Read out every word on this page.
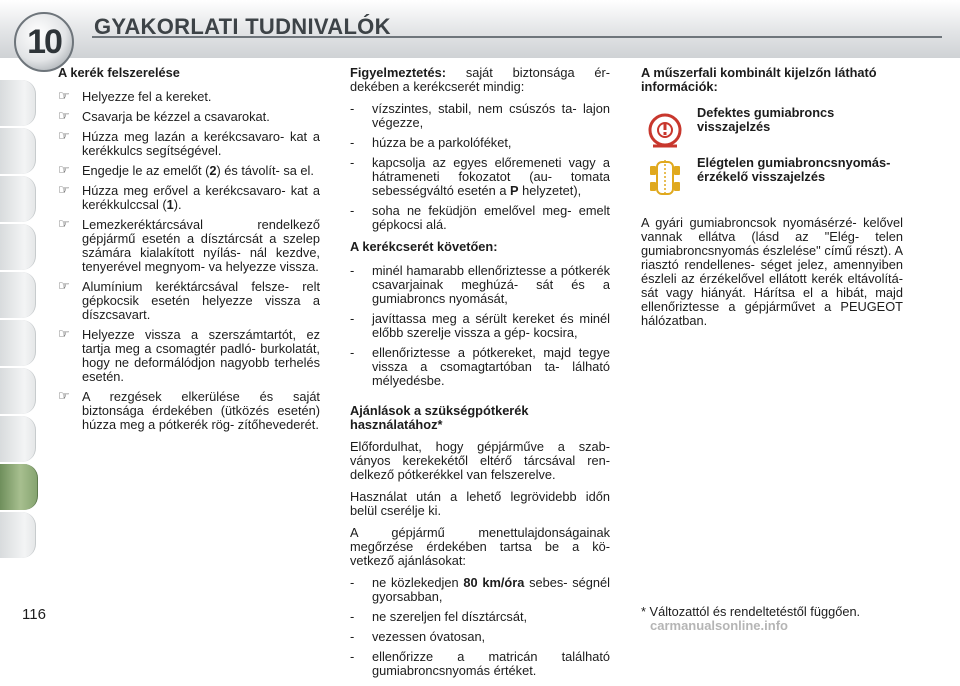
10	GYAKORLATI TUDNIVALÓK
116
A kerék felszerelése
☞ Helyezze fel a kereket.
☞ Csavarja be kézzel a csavarokat.
☞ Húzza meg lazán a kerékcsavaro- kat a kerékkulcs segítségével.
☞ Engedje le az emelőt (2) és távolít- sa el.
☞ Húzza meg erővel a kerékcsavaro- kat a kerékkulccsal (1).
☞ Lemezkeréktárcsával rendelkező gépjármű esetén a dísztárcsát a szelep számára kialakított nyílás- nál kezdve, tenyerével megnyom- va helyezze vissza.
☞ Alumínium keréktárcsával felsze- relt gépkocsik esetén helyezze vissza a díszcsavart.
☞ Helyezze vissza a szerszámtartót, ez tartja meg a csomagtér padló- burkolatát, hogy ne deformálódjon nagyobb terhelés esetén.
☞ A rezgések elkerülése és saját biztonsága érdekében (ütközés esetén) húzza meg a pótkerék rög- zítőhevederét.
Figyelmeztetés: saját biztonsága ér- dekében a kerékcserét mindig:
- vízszintes, stabil, nem csúszós ta- lajon végezze,
- húzza be a parkolóféket,
- kapcsolja az egyes előremeneti vagy a hátrameneti fokozatot (au- tomata sebességváltó esetén a P helyzetet),
- soha ne feküdjön emelővel meg- emelt gépkocsi alá.
A kerékcserét követően:
- minél hamarabb ellenőriztesse a pótkerék csavarjainak meghúzá- sát és a gumiabroncs nyomását,
- javíttassa meg a sérült kereket és minél előbb szerelje vissza a gép- kocsira,
- ellenőriztesse a pótkereket, majd tegye vissza a csomagtartóban ta- lálható mélyedésbe.
Ajánlások a szükségpótkerék használatához*
Előfordulhat, hogy gépjárműve a szab- ványos kerekekétől eltérő tárcsával ren- delkező pótkerékkel van felszerelve.
Használat után a lehető legrövidebb időn belül cserélje ki.
A gépjármű menettulajdonságainak megőrzése érdekében tartsa be a kö- vetkező ajánlásokat:
- ne közlekedjen 80 km/óra sebes- ségnél gyorsabban,
- ne szereljen fel dísztárcsát,
- vezessen óvatosan,
- ellenőrizze a matricán található gumiabroncsnyomás értéket.
A műszerfali kombinált kijelzőn látható információk:
Defektes gumiabroncs visszajelzés
Elégtelen gumiabroncsnyomás- érzékelő visszajelzés
A gyári gumiabroncsok nyomásérzé- kelővel vannak ellátva (lásd az "Elég- telen gumiabroncsnyomás észlelése" című részt). A riasztó rendellenes- séget jelez, amennyiben észleli az érzékelővel ellátott kerék eltávolítá- sát vagy hiányát. Hárítsa el a hibát, majd ellenőriztesse a gépjárművet a PEUGEOT hálózatban.
* Változattól és rendeltetéstől függően.
carmanualsonline.info
